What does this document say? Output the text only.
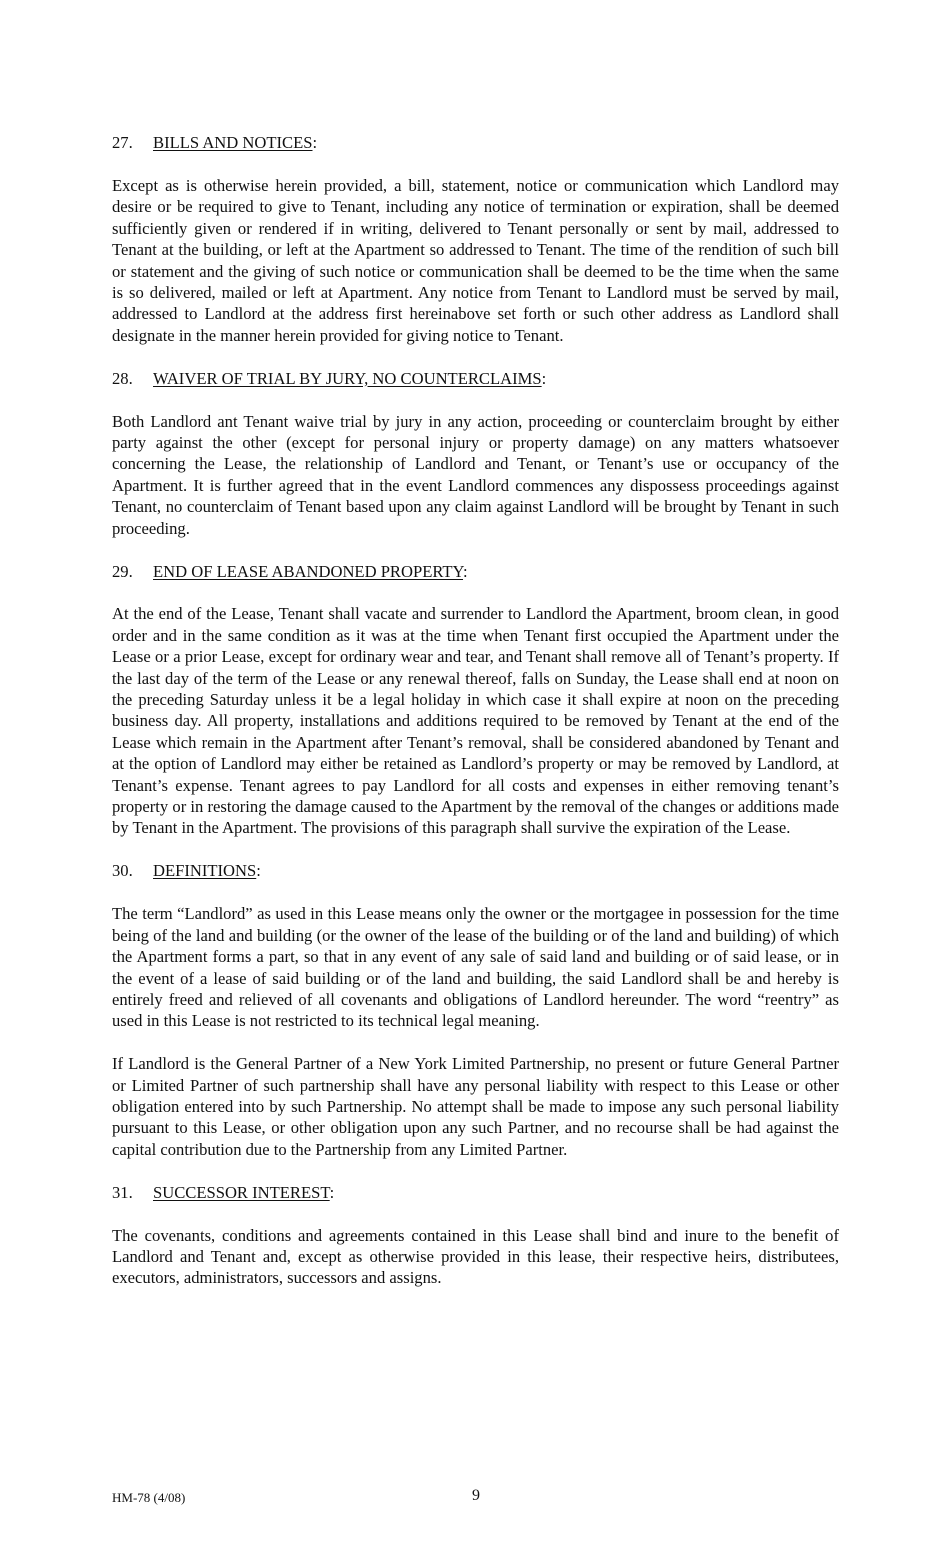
27. BILLS AND NOTICES:

Except as is otherwise herein provided, a bill, statement, notice or communication which Landlord may desire or be required to give to Tenant, including any notice of termination or expiration, shall be deemed sufficiently given or rendered if in writing, delivered to Tenant personally or sent by mail, addressed to Tenant at the building, or left at the Apartment so addressed to Tenant. The time of the rendition of such bill or statement and the giving of such notice or communication shall be deemed to be the time when the same is so delivered, mailed or left at Apartment. Any notice from Tenant to Landlord must be served by mail, addressed to Landlord at the address first hereinabove set forth or such other address as Landlord shall designate in the manner herein provided for giving notice to Tenant.

28. WAIVER OF TRIAL BY JURY, NO COUNTERCLAIMS:

Both Landlord ant Tenant waive trial by jury in any action, proceeding or counterclaim brought by either party against the other (except for personal injury or property damage) on any matters whatsoever concerning the Lease, the relationship of Landlord and Tenant, or Tenant’s use or occupancy of the Apartment. It is further agreed that in the event Landlord commences any dispossess proceedings against Tenant, no counterclaim of Tenant based upon any claim against Landlord will be brought by Tenant in such proceeding.

29. END OF LEASE ABANDONED PROPERTY:

At the end of the Lease, Tenant shall vacate and surrender to Landlord the Apartment, broom clean, in good order and in the same condition as it was at the time when Tenant first occupied the Apartment under the Lease or a prior Lease, except for ordinary wear and tear, and Tenant shall remove all of Tenant’s property. If the last day of the term of the Lease or any renewal thereof, falls on Sunday, the Lease shall end at noon on the preceding Saturday unless it be a legal holiday in which case it shall expire at noon on the preceding business day. All property, installations and additions required to be removed by Tenant at the end of the Lease which remain in the Apartment after Tenant’s removal, shall be considered abandoned by Tenant and at the option of Landlord may either be retained as Landlord’s property or may be removed by Landlord, at Tenant’s expense. Tenant agrees to pay Landlord for all costs and expenses in either removing tenant’s property or in restoring the damage caused to the Apartment by the removal of the changes or additions made by Tenant in the Apartment. The provisions of this paragraph shall survive the expiration of the Lease.

30. DEFINITIONS:

The term “Landlord” as used in this Lease means only the owner or the mortgagee in possession for the time being of the land and building (or the owner of the lease of the building or of the land and building) of which the Apartment forms a part, so that in any event of any sale of said land and building or of said lease, or in the event of a lease of said building or of the land and building, the said Landlord shall be and hereby is entirely freed and relieved of all covenants and obligations of Landlord hereunder. The word “reentry” as used in this Lease is not restricted to its technical legal meaning.

If Landlord is the General Partner of a New York Limited Partnership, no present or future General Partner or Limited Partner of such partnership shall have any personal liability with respect to this Lease or other obligation entered into by such Partnership. No attempt shall be made to impose any such personal liability pursuant to this Lease, or other obligation upon any such Partner, and no recourse shall be had against the capital contribution due to the Partnership from any Limited Partner.

31. SUCCESSOR INTEREST:

The covenants, conditions and agreements contained in this Lease shall bind and inure to the benefit of Landlord and Tenant and, except as otherwise provided in this lease, their respective heirs, distributees, executors, administrators, successors and assigns.

HM-78 (4/08)	9
